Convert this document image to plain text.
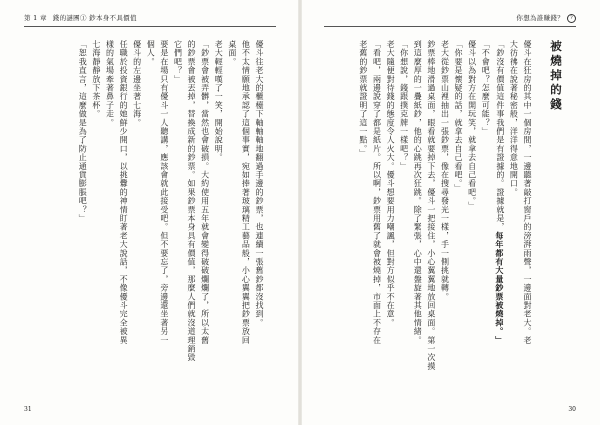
第 1 章 錢的謎團① 鈔本身不具價值

優斗往老大的櫃檯下軸軸軸地翻過手邊的鈔票，也連續一張舊鈔都沒找到。

他不太情願地承認了這個事實，宛如捧著玻璃精工藝品般，小心翼翼把鈔票放回

桌面。

老大輕輕嘆了一笑，開始說明。

「鈔票會被弄髒，當然也會破損。大約使用五年就會變得破破爛爛了，所以太舊

的鈔票會被丟掉，替換成新的鈔票。如果鈔票本身具有價值，那麼人們就沒道理銷毀

它們吧？」

要是在場只有優斗一人聽講，應該會就此接受吧。但不要忘了，旁邊還坐著另一

個人。

優斗的左邊坐著七海。

任職於投資銀行的她鮮少開口，以挑釁的神情盯著老大說話，不像優斗完全被異

樣的氣場牽著鼻子走。

七海靜靜放下茶杯。

「恕我直言，這麼做是為了防止通貨膨脹吧？」

31
你想為誰賺錢？ ?

被燒掉的錢

優斗在狂房的其中一個房間，一邊聽著敲打窗戶的滂湃雨聲，一邊面對老大。老

大彷彿在說著秘密般，洋洋得意地開口。

「鈔沒有價值這件事我們是有證據的。證據就是，每年都有大量鈔票被燒掉。」

「不會吧？怎麼可能？」

優斗以為對方在開玩笑，就拿去自己看吧。」

「你要是懷疑的話，就拿去自己看吧。」

老大從鈔票山裡抽出一張鈔票，像在搜尋發光一樣，手一側挑就轉。

鈔票棒地滑過桌面，眼看就要掉下去，優斗一把接住，小心翼翼地放回桌面。第一次摸

到這麼厚的一疊紙鈔，他的心跳再次狂跳。除了緊張，心中還盤旋著其他情緒。

「你想說，錢跟撲克牌一樣吧？」

老大隨便對待錢的態度令人火大。優斗想要用力嘲諷，但對方似乎不在意。

「看吧，兩邊說穿了都是紙片。所以啊，鈔票用舊了就會被燒掉，市面上不存在

老舊的鈔票就證明了這一點。」

30
